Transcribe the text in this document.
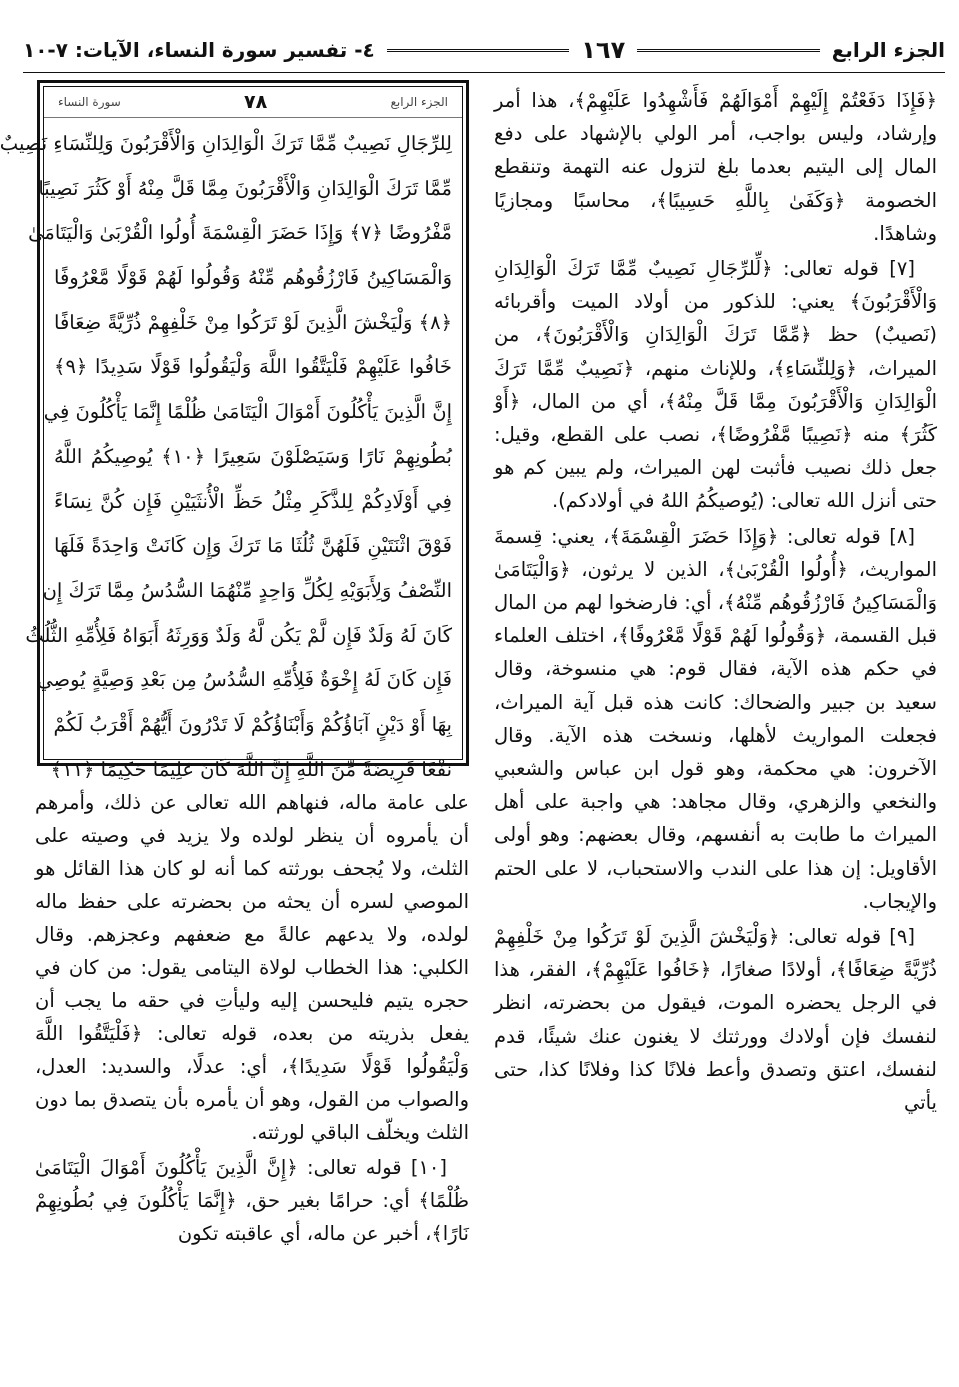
الجزء الرابع
١٦٧
٤- تفسير سورة النساء، الآيات: ٧-١٠

﴿فَإِذَا دَفَعْتُمْ إِلَيْهِمْ أَمْوَالَهُمْ فَأَشْهِدُوا عَلَيْهِمْ﴾، هذا أمر وإرشاد، وليس بواجب، أمر الولي بالإشهاد على دفع المال إلى اليتيم بعدما بلغ لتزول عنه التهمة وتنقطع الخصومة ﴿وَكَفَىٰ بِاللَّهِ حَسِيبًا﴾، محاسبًا ومجازيًا وشاهدًا.

[٧] قوله تعالى: ﴿لِّلرِّجَالِ نَصِيبٌ مِّمَّا تَرَكَ الْوَالِدَانِ وَالْأَقْرَبُونَ﴾ يعني: للذكور من أولاد الميت وأقربائه (نَصيبٌ) حظ ﴿مِّمَّا تَرَكَ الْوَالِدَانِ وَالْأَقْرَبُونَ﴾، من الميراث، ﴿وَلِلنِّسَاءِ﴾، وللإناث منهم، ﴿نَصِيبٌ مِّمَّا تَرَكَ الْوَالِدَانِ وَالْأَقْرَبُونَ مِمَّا قَلَّ مِنْهُ﴾، أي من المال، ﴿أَوْ كَثُرَ﴾ منه ﴿نَصِيبًا مَّفْرُوضًا﴾، نصب على القطع، وقيل: جعل ذلك نصيب فأثبت لهن الميراث، ولم يبين كم هو حتى أنزل الله تعالى: (يُوصيكُمُ اللهُ في أولادكم).

[٨] قوله تعالى: ﴿وَإِذَا حَضَرَ الْقِسْمَةَ﴾، يعني: قِسمةَ المواريث، ﴿أُولُوا الْقُرْبَىٰ﴾، الذين لا يرثون، ﴿وَالْيَتَامَىٰ وَالْمَسَاكِينُ فَارْزُقُوهُم مِّنْهُ﴾، أي: فارضخوا لهم من المال قبل القسمة، ﴿وَقُولُوا لَهُمْ قَوْلًا مَّعْرُوفًا﴾، اختلف العلماء في حكم هذه الآية، فقال قوم: هي منسوخة، وقال سعيد بن جبير والضحاك: كانت هذه قبل آية الميراث، فجعلت المواريث لأهلها، ونسخت هذه الآية. وقال الآخرون: هي محكمة، وهو قول ابن عباس والشعبي والنخعي والزهري، وقال مجاهد: هي واجبة على أهل الميراث ما طابت به أنفسهم، وقال بعضهم: وهو أولى الأقاويل: إن هذا على الندب والاستحباب، لا على الحتم والإيجاب.

[٩] قوله تعالى: ﴿وَلْيَخْشَ الَّذِينَ لَوْ تَرَكُوا مِنْ خَلْفِهِمْ ذُرِّيَّةً ضِعَافًا﴾، أولادًا صغارًا، ﴿خَافُوا عَلَيْهِمْ﴾، الفقر، هذا في الرجل يحضره الموت، فيقول من بحضرته، انظر لنفسك فإن أولادك وورثتك لا يغنون عنك شيئًا، قدم لنفسك، اعتق وتصدق وأعط فلانًا كذا وفلانًا كذا، حتى يأتي

الجزء الرابع
٧٨
سورة النساء
لِلرِّجَالِ نَصِيبٌ مِّمَّا تَرَكَ الْوَالِدَانِ وَالْأَقْرَبُونَ وَلِلنِّسَاءِ نَصِيبٌ
مِّمَّا تَرَكَ الْوَالِدَانِ وَالْأَقْرَبُونَ مِمَّا قَلَّ مِنْهُ أَوْ كَثُرَ نَصِيبًا
مَّفْرُوضًا ﴿٧﴾ وَإِذَا حَضَرَ الْقِسْمَةَ أُولُوا الْقُرْبَىٰ وَالْيَتَامَىٰ
وَالْمَسَاكِينُ فَارْزُقُوهُم مِّنْهُ وَقُولُوا لَهُمْ قَوْلًا مَّعْرُوفًا
﴿٨﴾ وَلْيَخْشَ الَّذِينَ لَوْ تَرَكُوا مِنْ خَلْفِهِمْ ذُرِّيَّةً ضِعَافًا
خَافُوا عَلَيْهِمْ فَلْيَتَّقُوا اللَّهَ وَلْيَقُولُوا قَوْلًا سَدِيدًا ﴿٩﴾
إِنَّ الَّذِينَ يَأْكُلُونَ أَمْوَالَ الْيَتَامَىٰ ظُلْمًا إِنَّمَا يَأْكُلُونَ فِي
بُطُونِهِمْ نَارًا وَسَيَصْلَوْنَ سَعِيرًا ﴿١٠﴾ يُوصِيكُمُ اللَّهُ
فِي أَوْلَادِكُمْ لِلذَّكَرِ مِثْلُ حَظِّ الْأُنثَيَيْنِ فَإِن كُنَّ نِسَاءً
فَوْقَ اثْنَتَيْنِ فَلَهُنَّ ثُلُثَا مَا تَرَكَ وَإِن كَانَتْ وَاحِدَةً فَلَهَا
النِّصْفُ وَلِأَبَوَيْهِ لِكُلِّ وَاحِدٍ مِّنْهُمَا السُّدُسُ مِمَّا تَرَكَ إِن
كَانَ لَهُ وَلَدٌ فَإِن لَّمْ يَكُن لَّهُ وَلَدٌ وَوَرِثَهُ أَبَوَاهُ فَلِأُمِّهِ الثُّلُثُ
فَإِن كَانَ لَهُ إِخْوَةٌ فَلِأُمِّهِ السُّدُسُ مِن بَعْدِ وَصِيَّةٍ يُوصِي
بِهَا أَوْ دَيْنٍ آبَاؤُكُمْ وَأَبْنَاؤُكُمْ لَا تَدْرُونَ أَيُّهُمْ أَقْرَبُ لَكُمْ
نَفْعًا فَرِيضَةً مِّنَ اللَّهِ إِنَّ اللَّهَ كَانَ عَلِيمًا حَكِيمًا ﴿١١﴾

على عامة ماله، فنهاهم الله تعالى عن ذلك، وأمرهم أن يأمروه أن ينظر لولده ولا يزيد في وصيته على الثلث، ولا يُجحف بورثته كما أنه لو كان هذا القائل هو الموصي لسره أن يحثه من بحضرته على حفظ ماله لولده، ولا يدعهم عالةً مع ضعفهم وعجزهم. وقال الكلبي: هذا الخطاب لولاة اليتامى يقول: من كان في حجره يتيم فليحسن إليه وليأتِ في حقه ما يجب أن يفعل بذريته من بعده، قوله تعالى: ﴿فَلْيَتَّقُوا اللَّهَ وَلْيَقُولُوا قَوْلًا سَدِيدًا﴾، أي: عدلًا، والسديد: العدل، والصواب من القول، وهو أن يأمره بأن يتصدق بما دون الثلث ويخلّف الباقي لورثته.

[١٠] قوله تعالى: ﴿إِنَّ الَّذِينَ يَأْكُلُونَ أَمْوَالَ الْيَتَامَىٰ ظُلْمًا﴾ أي: حرامًا بغير حق، ﴿إِنَّمَا يَأْكُلُونَ فِي بُطُونِهِمْ نَارًا﴾، أخبر عن ماله، أي عاقبته تكون
